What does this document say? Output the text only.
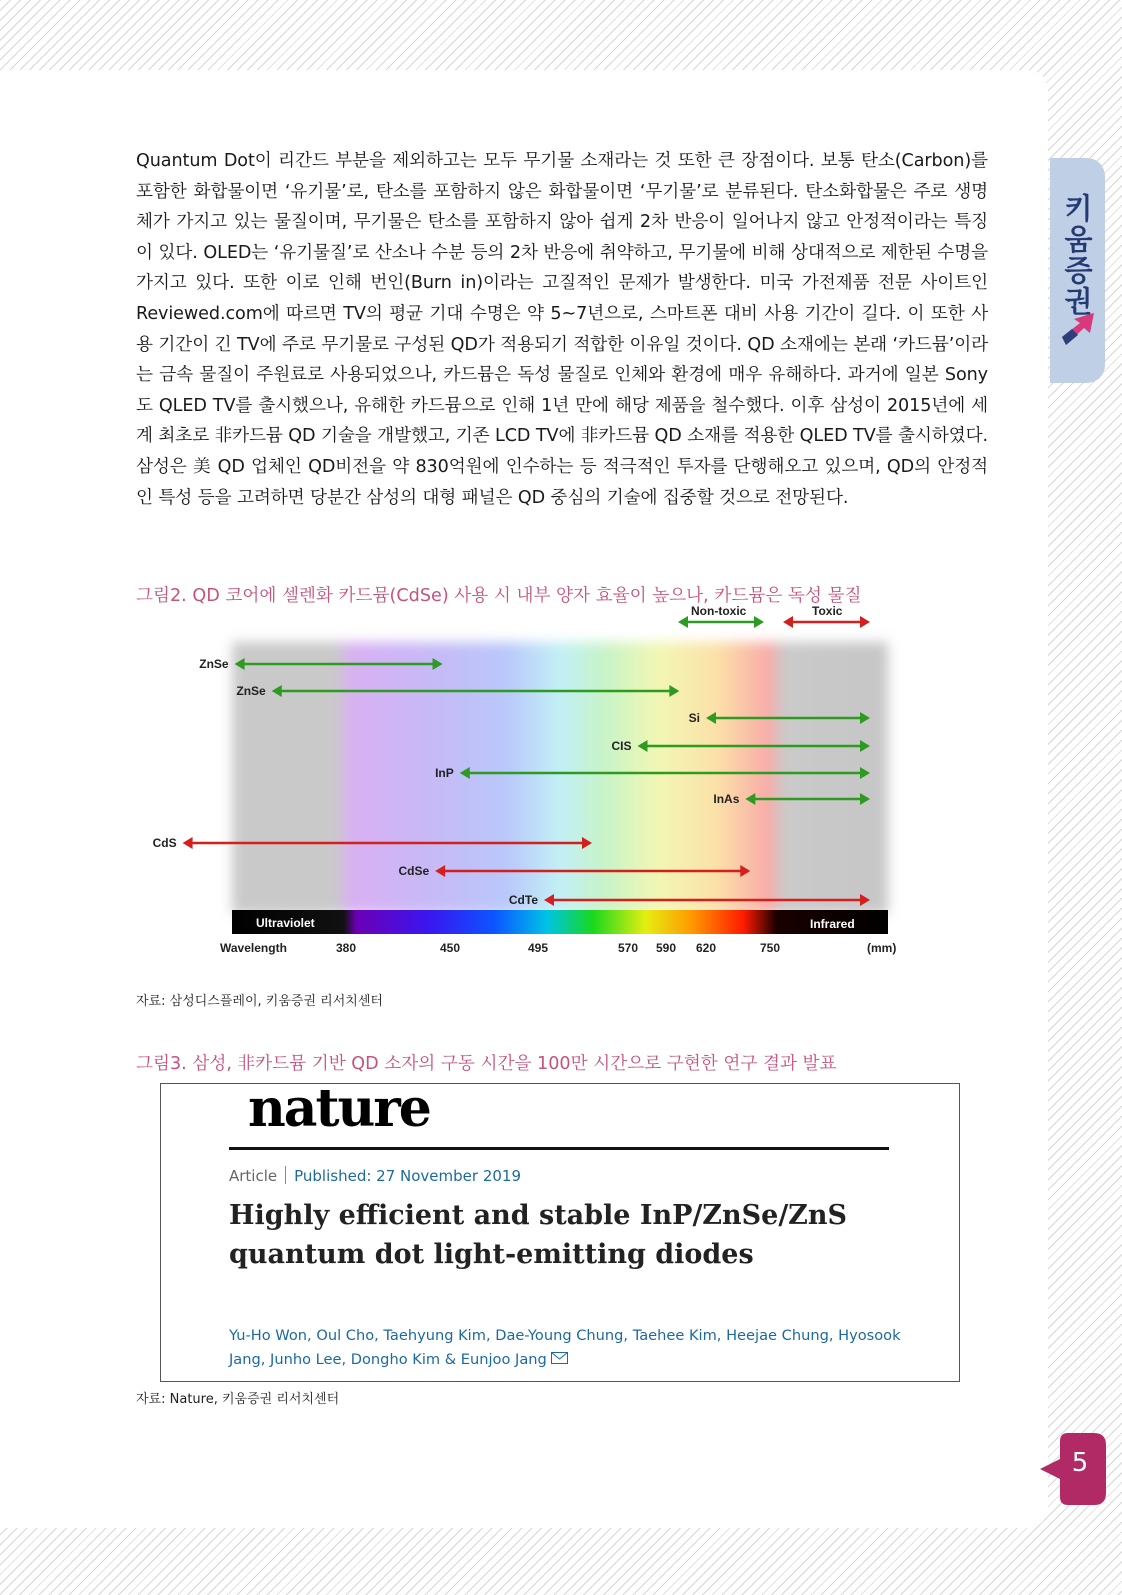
키움증권

Quantum Dot이 리간드 부분을 제외하고는 모두 무기물 소재라는 것 또한 큰 장점이다. 보통 탄소(Carbon)를 포함한 화합물이면 ‘유기물’로, 탄소를 포함하지 않은 화합물이면 ‘무기물’로 분류된다. 탄소화합물은 주로 생명체가 가지고 있는 물질이며, 무기물은 탄소를 포함하지 않아 쉽게 2차 반응이 일어나지 않고 안정적이라는 특징이 있다. OLED는 ‘유기물질’로 산소나 수분 등의 2차 반응에 취약하고, 무기물에 비해 상대적으로 제한된 수명을 가지고 있다. 또한 이로 인해 번인(Burn in)이라는 고질적인 문제가 발생한다. 미국 가전제품 전문 사이트인 Reviewed.com에 따르면 TV의 평균 기대 수명은 약 5~7년으로, 스마트폰 대비 사용 기간이 길다. 이 또한 사용 기간이 긴 TV에 주로 무기물로 구성된 QD가 적용되기 적합한 이유일 것이다. QD 소재에는 본래 ‘카드뮴’이라는 금속 물질이 주원료로 사용되었으나, 카드뮴은 독성 물질로 인체와 환경에 매우 유해하다. 과거에 일본 Sony도 QLED TV를 출시했으나, 유해한 카드뮴으로 인해 1년 만에 해당 제품을 철수했다. 이후 삼성이 2015년에 세계 최초로 非카드뮴 QD 기술을 개발했고, 기존 LCD TV에 非카드뮴 QD 소재를 적용한 QLED TV를 출시하였다. 삼성은 美 QD 업체인 QD비전을 약 830억원에 인수하는 등 적극적인 투자를 단행해오고 있으며, QD의 안정적인 특성 등을 고려하면 당분간 삼성의 대형 패널은 QD 중심의 기술에 집중할 것으로 전망된다.

그림2. QD 코어에 셀렌화 카드뮴(CdSe) 사용 시 내부 양자 효율이 높으나, 카드뮴은 독성 물질

Ultraviolet	Infrared
Wavelength	(mm)
380	450	495	570 590 620	750
ZnSe
ZnSe
Si
CIS
InP
InAs
CdS
CdSe
CdTe
Non-toxic	Toxic

자료: 삼성디스플레이, 키움증권 리서치센터

그림3. 삼성, 非카드뮴 기반 QD 소자의 구동 시간을 100만 시간으로 구현한 연구 결과 발표

nature
Article Published: 27 November 2019
Highly efficient and stable InP/ZnSe/ZnS quantum dot light-emitting diodes
Yu-Ho Won, Oul Cho, Taehyung Kim, Dae-Young Chung, Taehee Kim, Heejae Chung, Hyosook Jang, Junho Lee, Dongho Kim & Eunjoo Jang

자료: Nature, 키움증권 리서치센터

5
